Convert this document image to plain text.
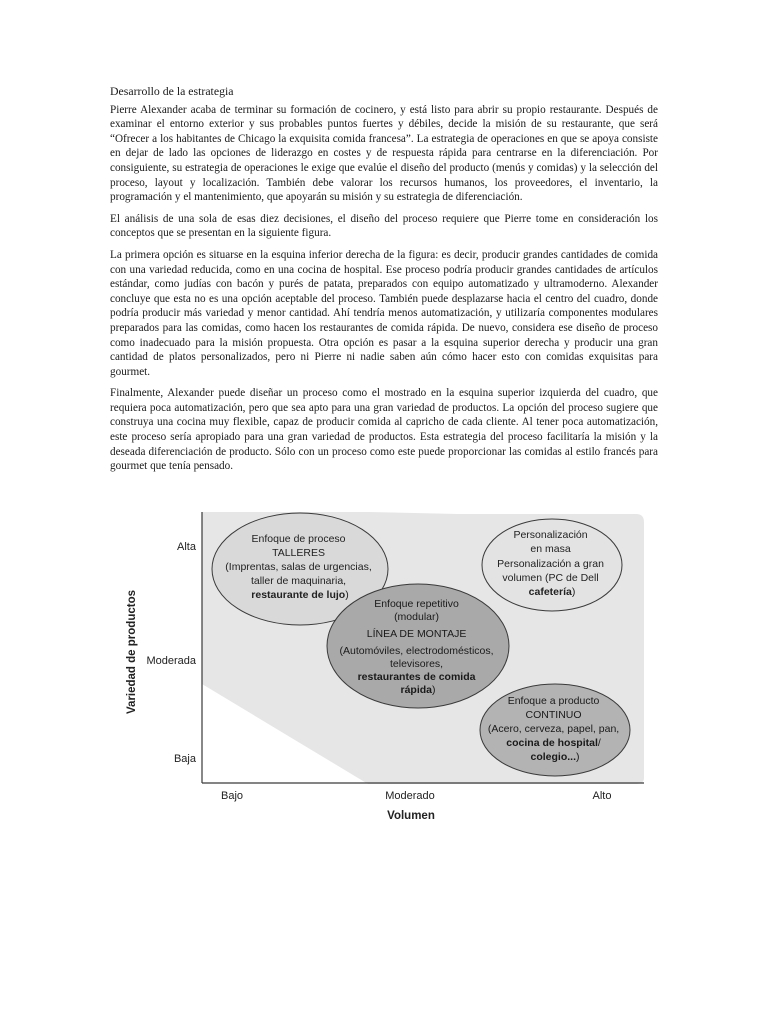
Desarrollo de la estrategia

Pierre Alexander acaba de terminar su formación de cocinero, y está listo para abrir su propio restaurante. Después de examinar el entorno exterior y sus probables puntos fuertes y débiles, decide la misión de su restaurante, que será “Ofrecer a los habitantes de Chicago la exquisita comida francesa”. La estrategia de operaciones en que se apoya consiste en dejar de lado las opciones de liderazgo en costes y de respuesta rápida para centrarse en la diferenciación. Por consiguiente, su estrategia de operaciones le exige que evalúe el diseño del producto (menús y comidas) y la selección del proceso, layout y localización. También debe valorar los recursos humanos, los proveedores, el inventario, la programación y el mantenimiento, que apoyarán su misión y su estrategia de diferenciación.

El análisis de una sola de esas diez decisiones, el diseño del proceso requiere que Pierre tome en consideración los conceptos que se presentan en la siguiente figura.

La primera opción es situarse en la esquina inferior derecha de la figura: es decir, producir grandes cantidades de comida con una variedad reducida, como en una cocina de hospital. Ese proceso podría producir grandes cantidades de artículos estándar, como judías con bacón y purés de patata, preparados con equipo automatizado y ultramoderno. Alexander concluye que esta no es una opción aceptable del proceso. También puede desplazarse hacia el centro del cuadro, donde podría producir más variedad y menor cantidad. Ahí tendría menos automatización, y utilizaría componentes modulares preparados para las comidas, como hacen los restaurantes de comida rápida. De nuevo, considera ese diseño de proceso como inadecuado para la misión propuesta. Otra opción es pasar a la esquina superior derecha y producir una gran cantidad de platos personalizados, pero ni Pierre ni nadie saben aún cómo hacer esto con comidas exquisitas para gourmet.

Finalmente, Alexander puede diseñar un proceso como el mostrado en la esquina superior izquierda del cuadro, que requiera poca automatización, pero que sea apto para una gran variedad de productos. La opción del proceso sugiere que construya una cocina muy flexible, capaz de producir comida al capricho de cada cliente. Al tener poca automatización, este proceso sería apropiado para una gran variedad de productos. Esta estrategia del proceso facilitaría la misión y la deseada diferenciación de producto. Sólo con un proceso como este puede proporcionar las comidas al estilo francés para gourmet que tenía pensado.

Alta
Moderada
Baja
Bajo	Moderado	Alto
Volumen
Variedad de productos
Enfoque de proceso TALLERES (Imprentas, salas de urgencias, taller de maquinaria, restaurante de lujo)
Personalización en masa Personalización a gran volumen (PC de Dell cafetería)
Enfoque repetitivo (modular) LÍNEA DE MONTAJE (Automóviles, electrodomésticos, televisores, restaurantes de comida rápida)
Enfoque a producto CONTINUO (Acero, cerveza, papel, pan, cocina de hospital/ colegio...)
